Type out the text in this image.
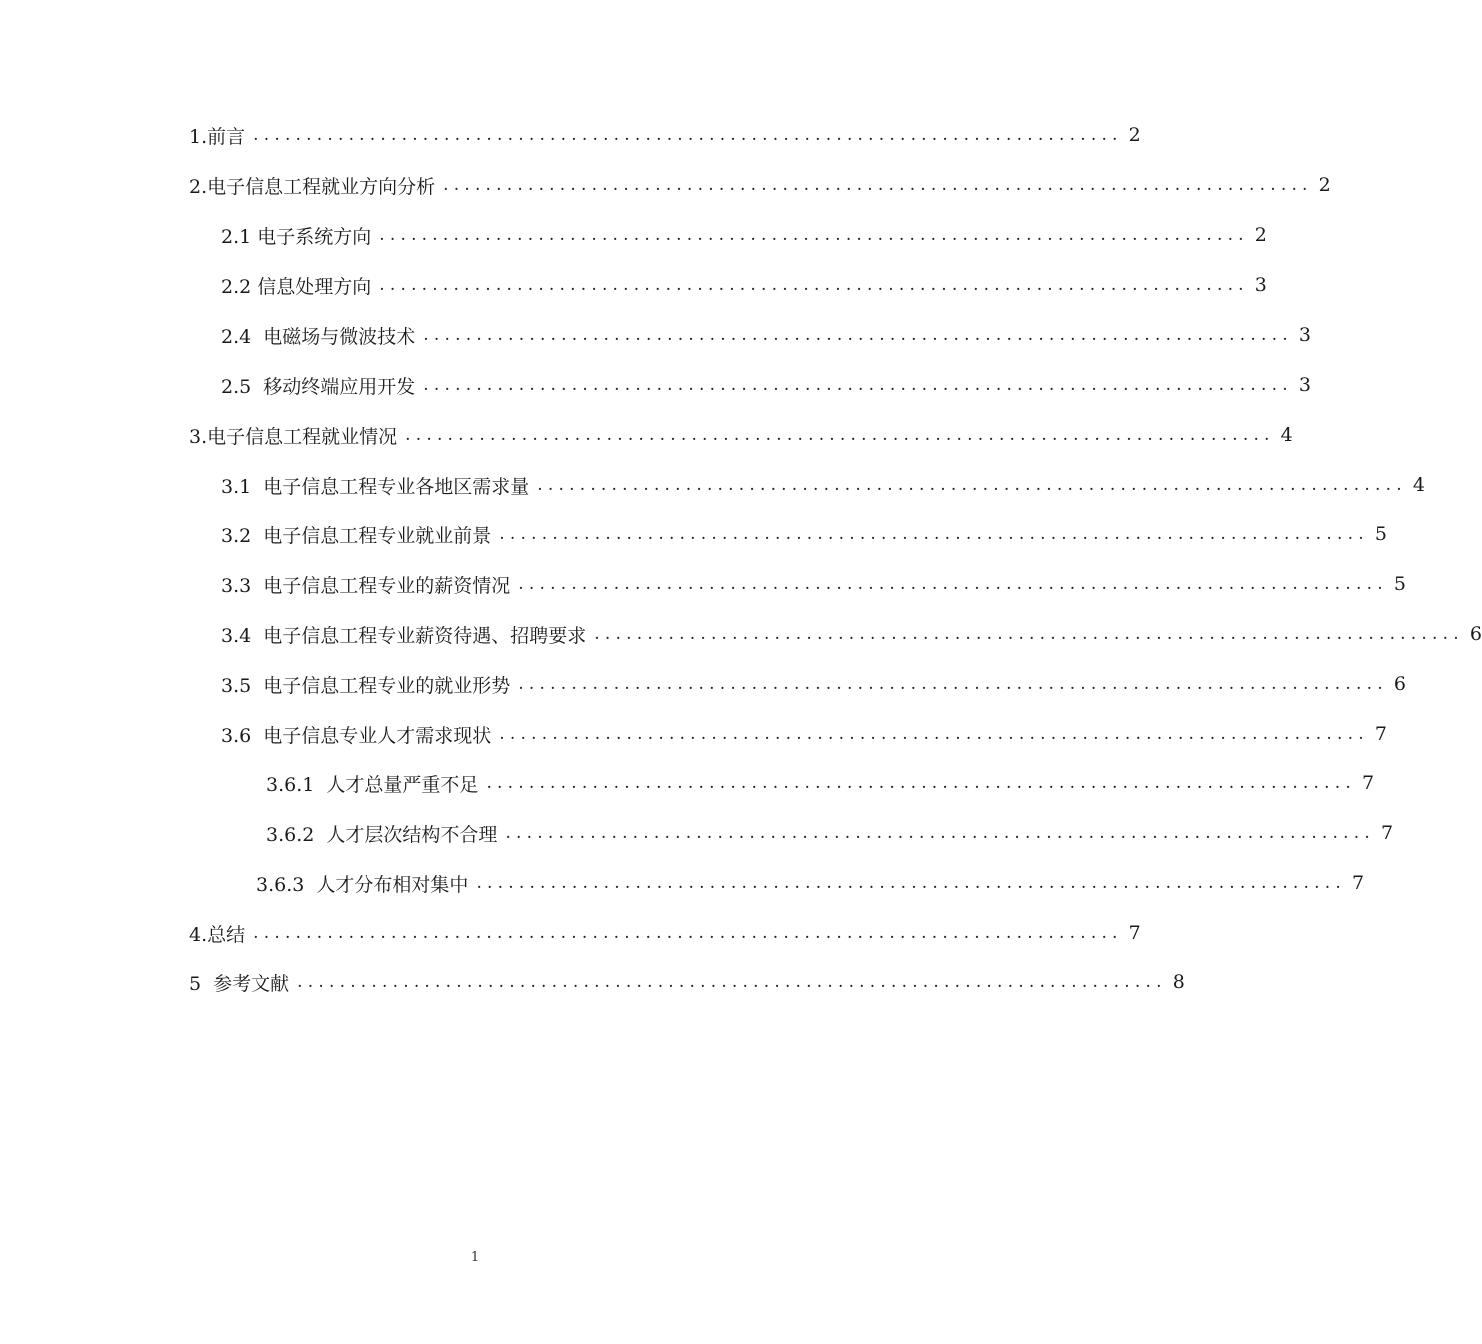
1.前言 .................................................................................. 2
2.电子信息工程就业方向分析 .................................................................................. 2
2.1 电子系统方向 .................................................................................. 2
2.2 信息处理方向 .................................................................................. 3
2.4  电磁场与微波技术 .................................................................................. 3
2.5  移动终端应用开发 .................................................................................. 3
3.电子信息工程就业情况 .................................................................................. 4
3.1  电子信息工程专业各地区需求量 .................................................................................. 4
3.2  电子信息工程专业就业前景 .................................................................................. 5
3.3  电子信息工程专业的薪资情况 .................................................................................. 5
3.4  电子信息工程专业薪资待遇、招聘要求 .................................................................................. 6
3.5  电子信息工程专业的就业形势 .................................................................................. 6
3.6  电子信息专业人才需求现状 .................................................................................. 7
3.6.1  人才总量严重不足 .................................................................................. 7
3.6.2  人才层次结构不合理 .................................................................................. 7
3.6.3  人才分布相对集中 .................................................................................. 7
4.总结 .................................................................................. 7
5  参考文献 .................................................................................. 8
1
